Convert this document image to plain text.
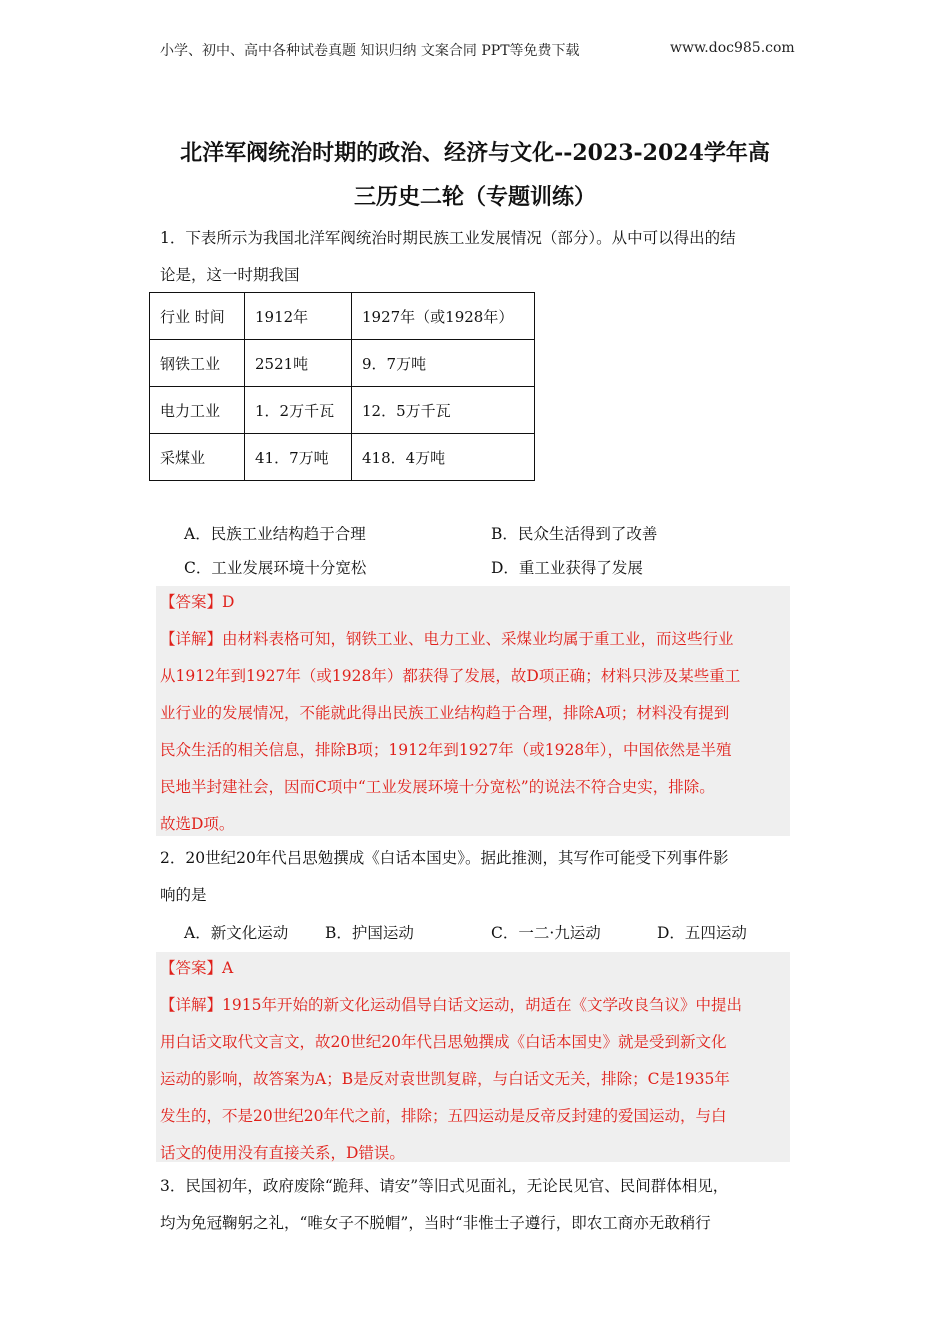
小学、初中、高中各种试卷真题 知识归纳 文案合同 PPT等免费下载	www.doc985.com
北洋军阀统治时期的政治、经济与文化--2023-2024学年高
三历史二轮（专题训练）
1．下表所示为我国北洋军阀统治时期民族工业发展情况（部分）。从中可以得出的结
论是，这一时期我国
行业 时间	1912年	1927年（或1928年）
钢铁工业	2521吨	9．7万吨
电力工业	1．2万千瓦	12．5万千瓦
采煤业	41．7万吨	418．4万吨
A．民族工业结构趋于合理	B．民众生活得到了改善
C．工业发展环境十分宽松	D．重工业获得了发展
【答案】D
【详解】由材料表格可知，钢铁工业、电力工业、采煤业均属于重工业，而这些行业
从1912年到1927年（或1928年）都获得了发展，故D项正确；材料只涉及某些重工
业行业的发展情况，不能就此得出民族工业结构趋于合理，排除A项；材料没有提到
民众生活的相关信息，排除B项；1912年到1927年（或1928年），中国依然是半殖
民地半封建社会，因而C项中“工业发展环境十分宽松”的说法不符合史实，排除。
故选D项。
2．20世纪20年代吕思勉撰成《白话本国史》。据此推测，其写作可能受下列事件影
响的是
A．新文化运动 B．护国运动	C．一二·九运动	D．五四运动
【答案】A
【详解】1915年开始的新文化运动倡导白话文运动，胡适在《文学改良刍议》中提出
用白话文取代文言文，故20世纪20年代吕思勉撰成《白话本国史》就是受到新文化
运动的影响，故答案为A；B是反对袁世凯复辟，与白话文无关，排除；C是1935年
发生的，不是20世纪20年代之前，排除；五四运动是反帝反封建的爱国运动，与白
话文的使用没有直接关系，D错误。
3．民国初年，政府废除“跪拜、请安”等旧式见面礼，无论民见官、民间群体相见，
均为免冠鞠躬之礼，“唯女子不脱帽”，当时“非惟士子遵行，即农工商亦无敢稍行
